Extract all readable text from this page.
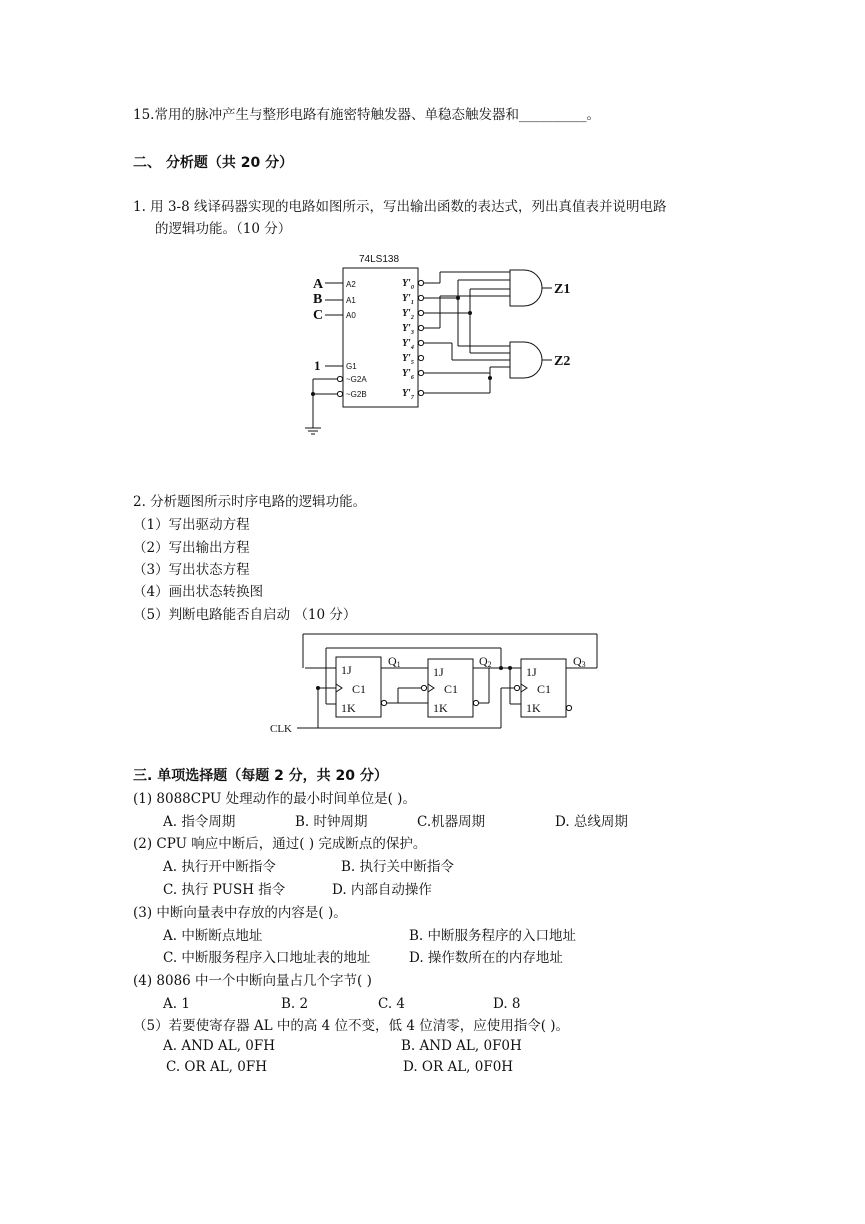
15.常用的脉冲产生与整形电路有施密特触发器、单稳态触发器和__________。
二、 分析题（共 20 分）
1. 用 3-8 线译码器实现的电路如图所示，写出输出函数的表达式，列出真值表并说明电路
的逻辑功能。（10 分）
74LS138
A
B
C
1
A2
A1
A0
G1
~G2A
~G2B
$Y'_0$
$Y'_1$
$Y'_2$
$Y'_3$
$Y'_4$
$Y'_5$
$Y'_6$
$Y'_7$
Z1
Z2
2. 分析题图所示时序电路的逻辑功能。
（1）写出驱动方程
（2）写出输出方程
（3）写出状态方程
（4）画出状态转换图
（5）判断电路能否自启动 （10 分）
1J
C1
1K
1J
C1
1K
1J
C1
1K
Q1	Q2	Q3
CLK
三. 单项选择题（每题 2 分，共 20 分）
(1) 8088CPU 处理动作的最小时间单位是( )。
A. 指令周期	B. 时钟周期	C.机器周期	D. 总线周期
(2) CPU 响应中断后，通过( ) 完成断点的保护。
A. 执行开中断指令	B. 执行关中断指令
C. 执行 PUSH 指令	D. 内部自动操作
(3) 中断向量表中存放的内容是( )。
A. 中断断点地址	B. 中断服务程序的入口地址
C. 中断服务程序入口地址表的地址	D. 操作数所在的内存地址
(4) 8086 中一个中断向量占几个字节( )
A. 1	B. 2	C. 4	D. 8
（5）若要使寄存器 AL 中的高 4 位不变，低 4 位清零，应使用指令( )。
A. AND AL, 0FH	B. AND AL, 0F0H
C. OR AL, 0FH	D. OR AL, 0F0H
